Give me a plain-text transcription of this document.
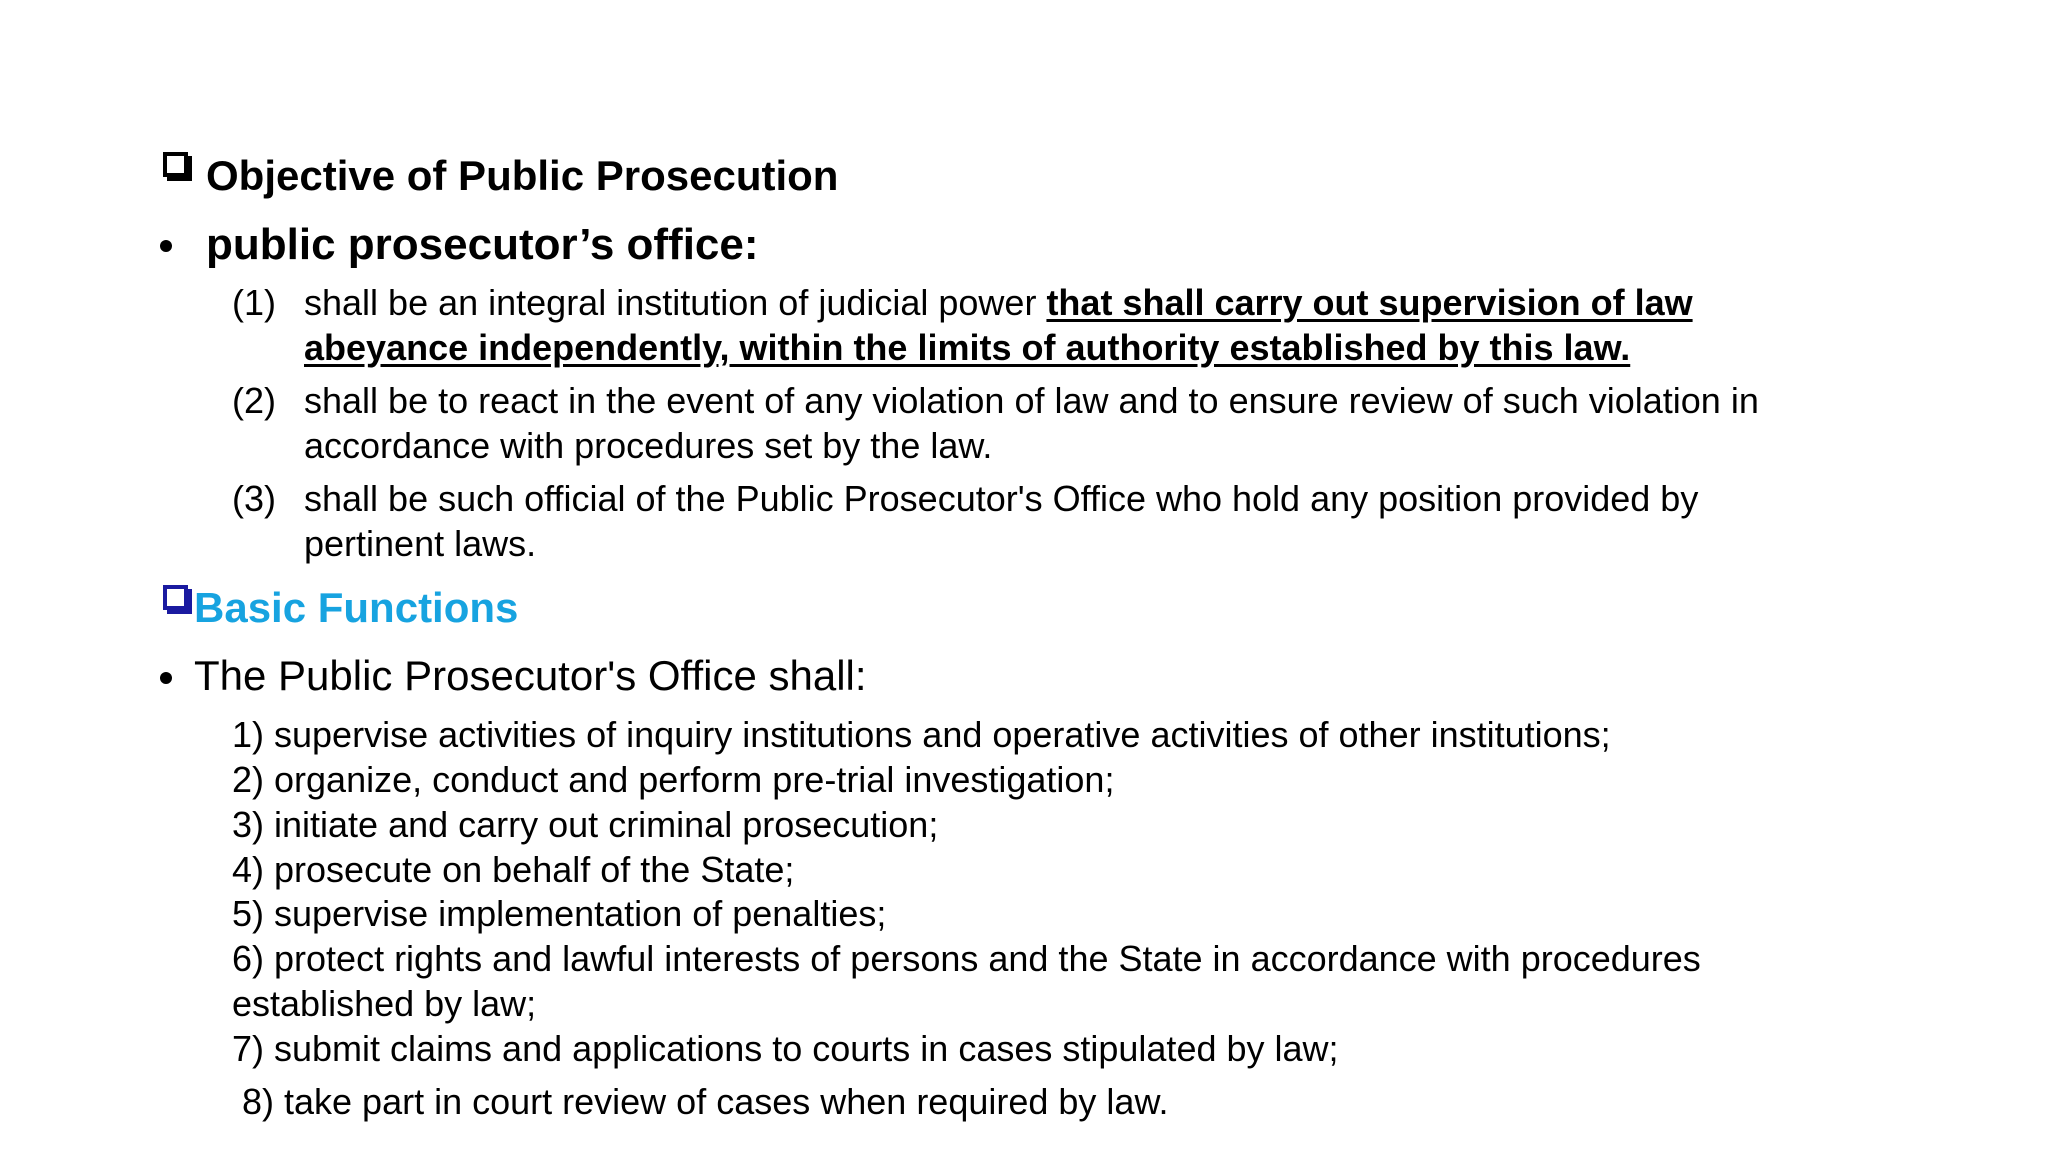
Objective of Public Prosecution
public prosecutor’s office:
(1) shall be an integral institution of judicial power that shall carry out supervision of law
abeyance independently, within the limits of authority established by this law.
(2) shall be to react in the event of any violation of law and to ensure review of such violation in
accordance with procedures set by the law.
(3) shall be such official of the Public Prosecutor's Office who hold any position provided by
pertinent laws.
Basic Functions
The Public Prosecutor's Office shall:
1) supervise activities of inquiry institutions and operative activities of other institutions;
2) organize, conduct and perform pre-trial investigation;
3) initiate and carry out criminal prosecution;
4) prosecute on behalf of the State;
5) supervise implementation of penalties;
6) protect rights and lawful interests of persons and the State in accordance with procedures
established by law;
7) submit claims and applications to courts in cases stipulated by law;
8) take part in court review of cases when required by law.
